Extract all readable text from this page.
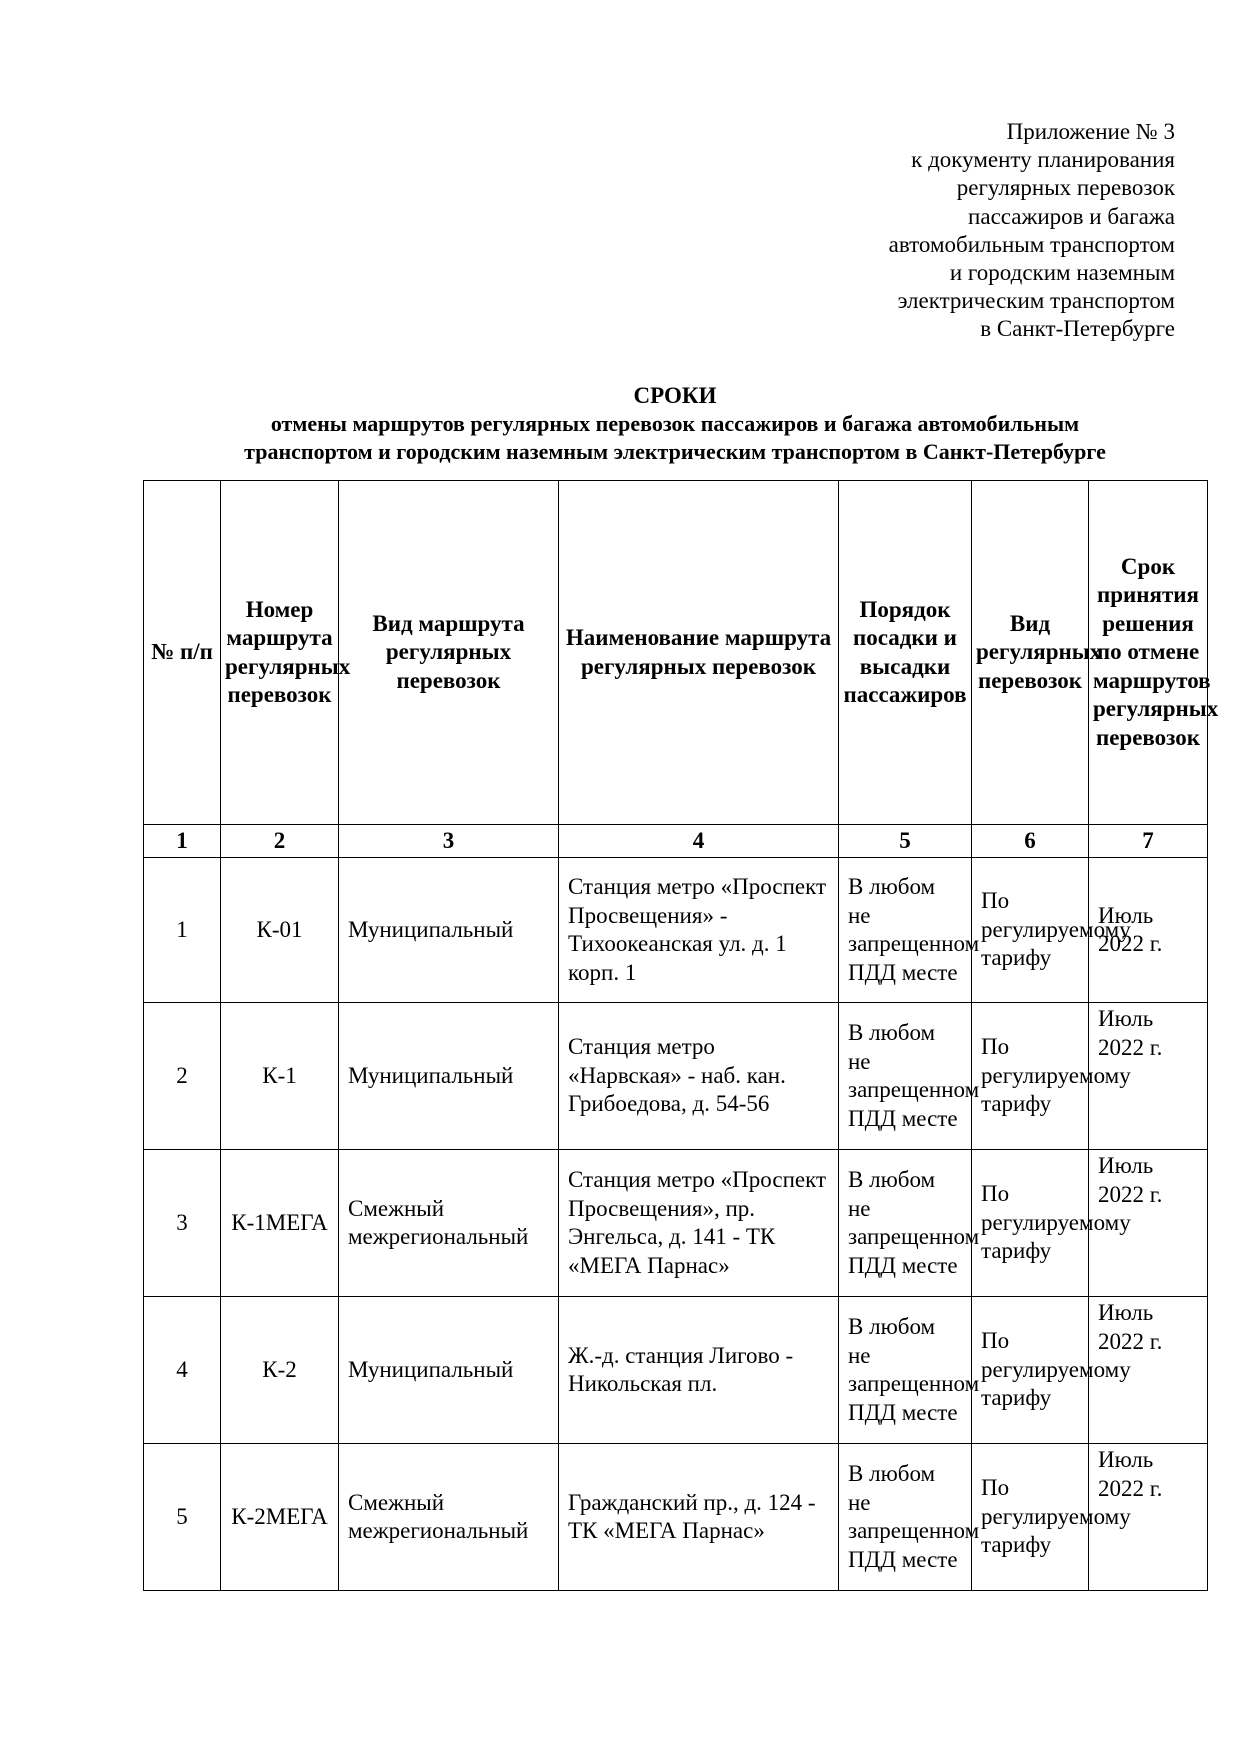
Приложение № 3
к документу планирования
регулярных перевозок
пассажиров и багажа
автомобильным транспортом
и городским наземным
электрическим транспортом
в Санкт-Петербурге
СРОКИ
отмены маршрутов регулярных перевозок пассажиров и багажа автомобильным
транспортом и городским наземным электрическим транспортом в Санкт-Петербурге
№ п/п	Номер маршрута регулярных перевозок	Вид маршрута регулярных перевозок	Наименование маршрута регулярных перевозок	Порядок посадки и высадки пассажиров	Вид регулярных перевозок	Срок принятия решения по отмене маршрутов регулярных перевозок
1	2	3	4	5	6	7
1	К-01	Муниципальный	Станция метро «Проспект Просвещения» - Тихоокеанская ул. д. 1 корп. 1	В любом не запрещенном ПДД месте	По регулируемому тарифу	Июль 2022 г.
2	К-1	Муниципальный	Станция метро «Нарвская» - наб. кан. Грибоедова, д. 54-56	В любом не запрещенном ПДД месте	По регулируемому тарифу	Июль 2022 г.
3	К-1МЕГА	Смежный межрегиональный	Станция метро «Проспект Просвещения», пр. Энгельса, д. 141 - ТК «МЕГА Парнас»	В любом не запрещенном ПДД месте	По регулируемому тарифу	Июль 2022 г.
4	К-2	Муниципальный	Ж.-д. станция Лигово - Никольская пл.	В любом не запрещенном ПДД месте	По регулируемому тарифу	Июль 2022 г.
5	К-2МЕГА	Смежный межрегиональный	Гражданский пр., д. 124 - ТК «МЕГА Парнас»	В любом не запрещенном ПДД месте	По регулируемому тарифу	Июль 2022 г.
